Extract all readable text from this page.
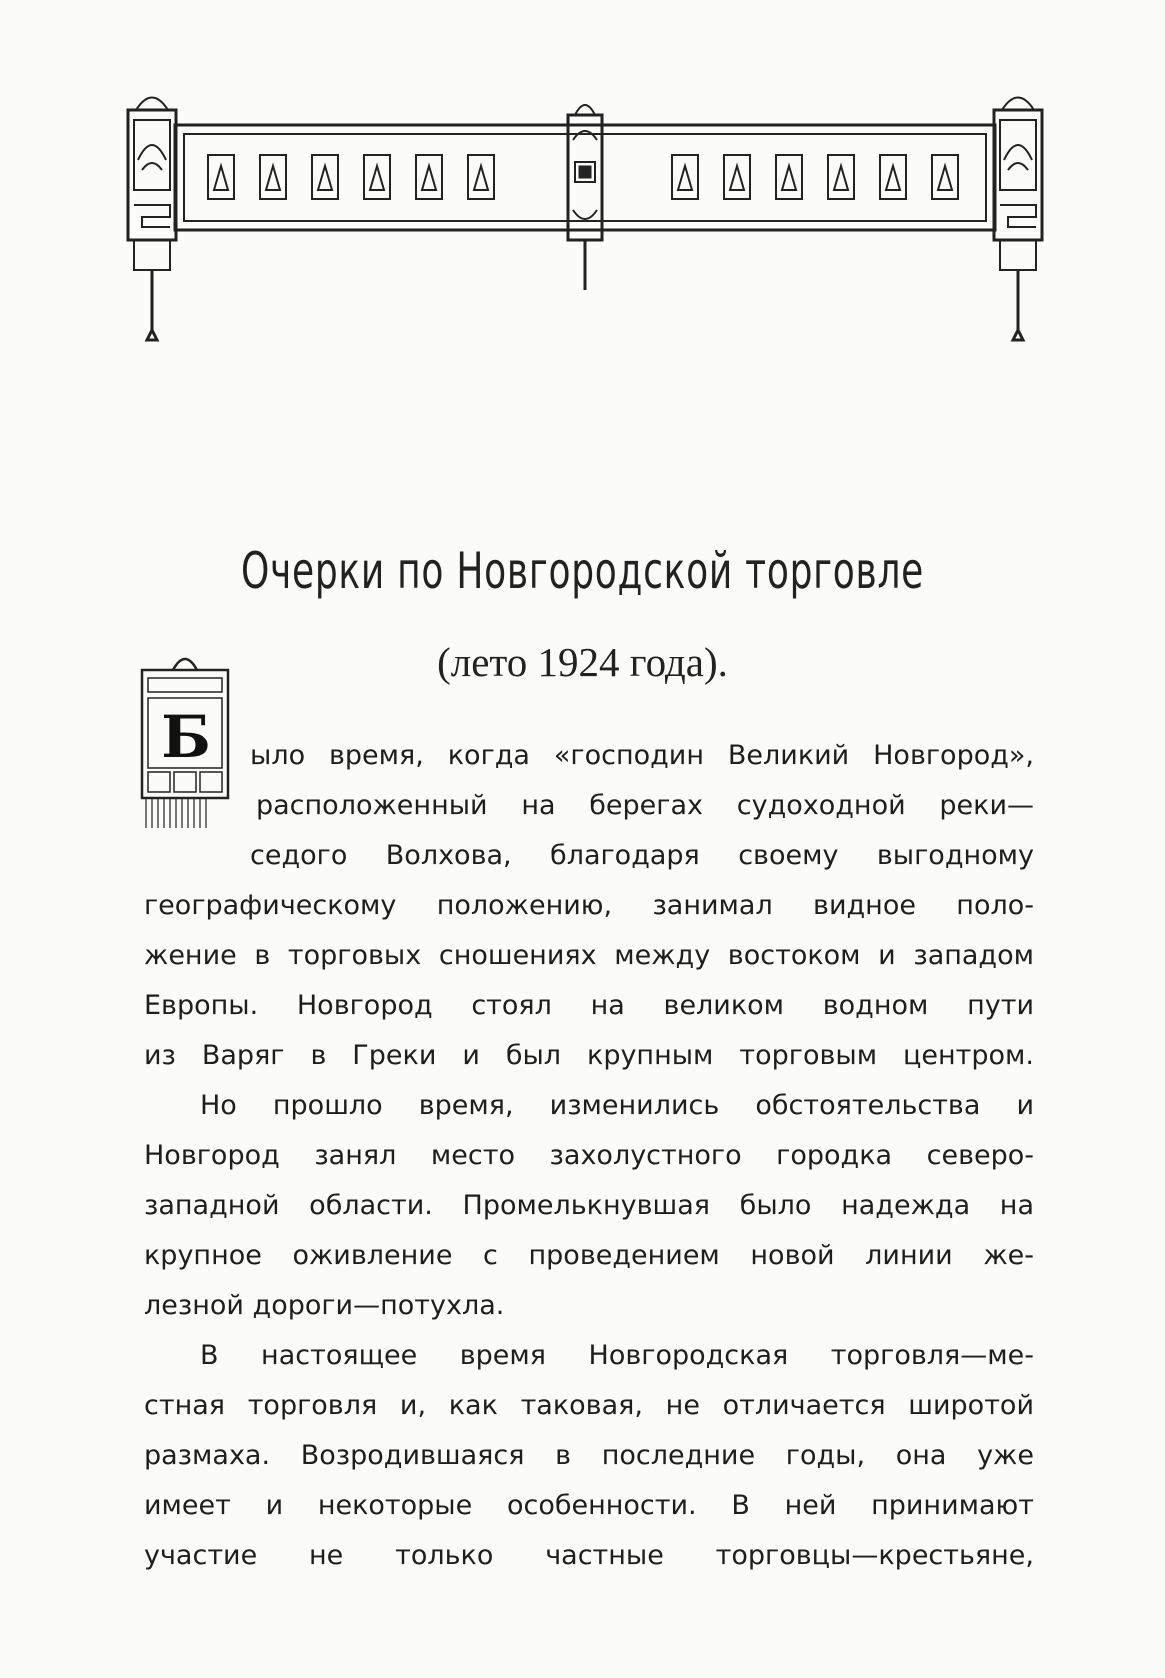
Очерки по Новгородской торговле
(лето 1924 года).
Б	ыло время, когда «господин Великий Новгород»,
расположенный на берегах судоходной реки—
седого Волхова, благодаря своему выгодному
географическому положению, занимал видное поло-
жение в торговых сношениях между востоком и западом
Европы. Новгород стоял на великом водном пути
из Варяг в Греки и был крупным торговым центром.
Но прошло время, изменились обстоятельства и
Новгород занял место захолустного городка северо-
западной области. Промелькнувшая было надежда на
крупное оживление с проведением новой линии же-
лезной дороги—потухла.
В настоящее время Новгородская торговля—ме-
стная торговля и, как таковая, не отличается широтой
размаха. Возродившаяся в последние годы, она уже
имеет и некоторые особенности. В ней принимают
участие не только частные торговцы—крестьяне,
